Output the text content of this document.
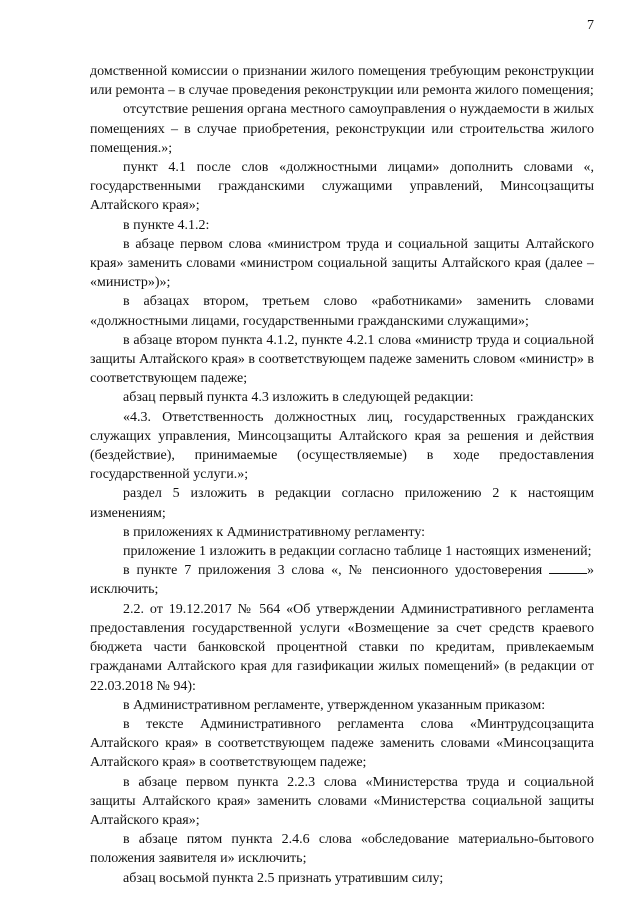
7

домственной комиссии о признании жилого помещения требующим реконструкции или ремонта – в случае проведения реконструкции или ремонта жилого помещения;

отсутствие решения органа местного самоуправления о нуждаемости в жилых помещениях – в случае приобретения, реконструкции или строительства жилого помещения.»;

пункт 4.1 после слов «должностными лицами» дополнить словами «, государственными гражданскими служащими управлений, Минсоцзащиты Алтайского края»;

в пункте 4.1.2:

в абзаце первом слова «министром труда и социальной защиты Алтайского края» заменить словами «министром социальной защиты Алтайского края (далее – «министр»)»;

в абзацах втором, третьем слово «работниками» заменить словами «должностными лицами, государственными гражданскими служащими»;

в абзаце втором пункта 4.1.2, пункте 4.2.1 слова «министр труда и социальной защиты Алтайского края» в соответствующем падеже заменить словом «министр» в соответствующем падеже;

абзац первый пункта 4.3 изложить в следующей редакции:

«4.3. Ответственность должностных лиц, государственных гражданских служащих управления, Минсоцзащиты Алтайского края за решения и действия (бездействие), принимаемые (осуществляемые) в ходе предоставления государственной услуги.»;

раздел 5 изложить в редакции согласно приложению 2 к настоящим изменениям;

в приложениях к Административному регламенту:

приложение 1 изложить в редакции согласно таблице 1 настоящих изменений;

в пункте 7 приложения 3 слова «, № пенсионного удостоверения	» исключить;

2.2. от 19.12.2017 № 564 «Об утверждении Административного регламента предоставления государственной услуги «Возмещение за счет средств краевого бюджета части банковской процентной ставки по кредитам, привлекаемым гражданами Алтайского края для газификации жилых помещений» (в редакции от 22.03.2018 № 94):

в Административном регламенте, утвержденном указанным приказом:

в тексте Административного регламента слова «Минтрудсоцзащита Алтайского края» в соответствующем падеже заменить словами «Минсоцзащита Алтайского края» в соответствующем падеже;

в абзаце первом пункта 2.2.3 слова «Министерства труда и социальной защиты Алтайского края» заменить словами «Министерства социальной защиты Алтайского края»;

в абзаце пятом пункта 2.4.6 слова «обследование материально-бытового положения заявителя и» исключить;

абзац восьмой пункта 2.5 признать утратившим силу;
